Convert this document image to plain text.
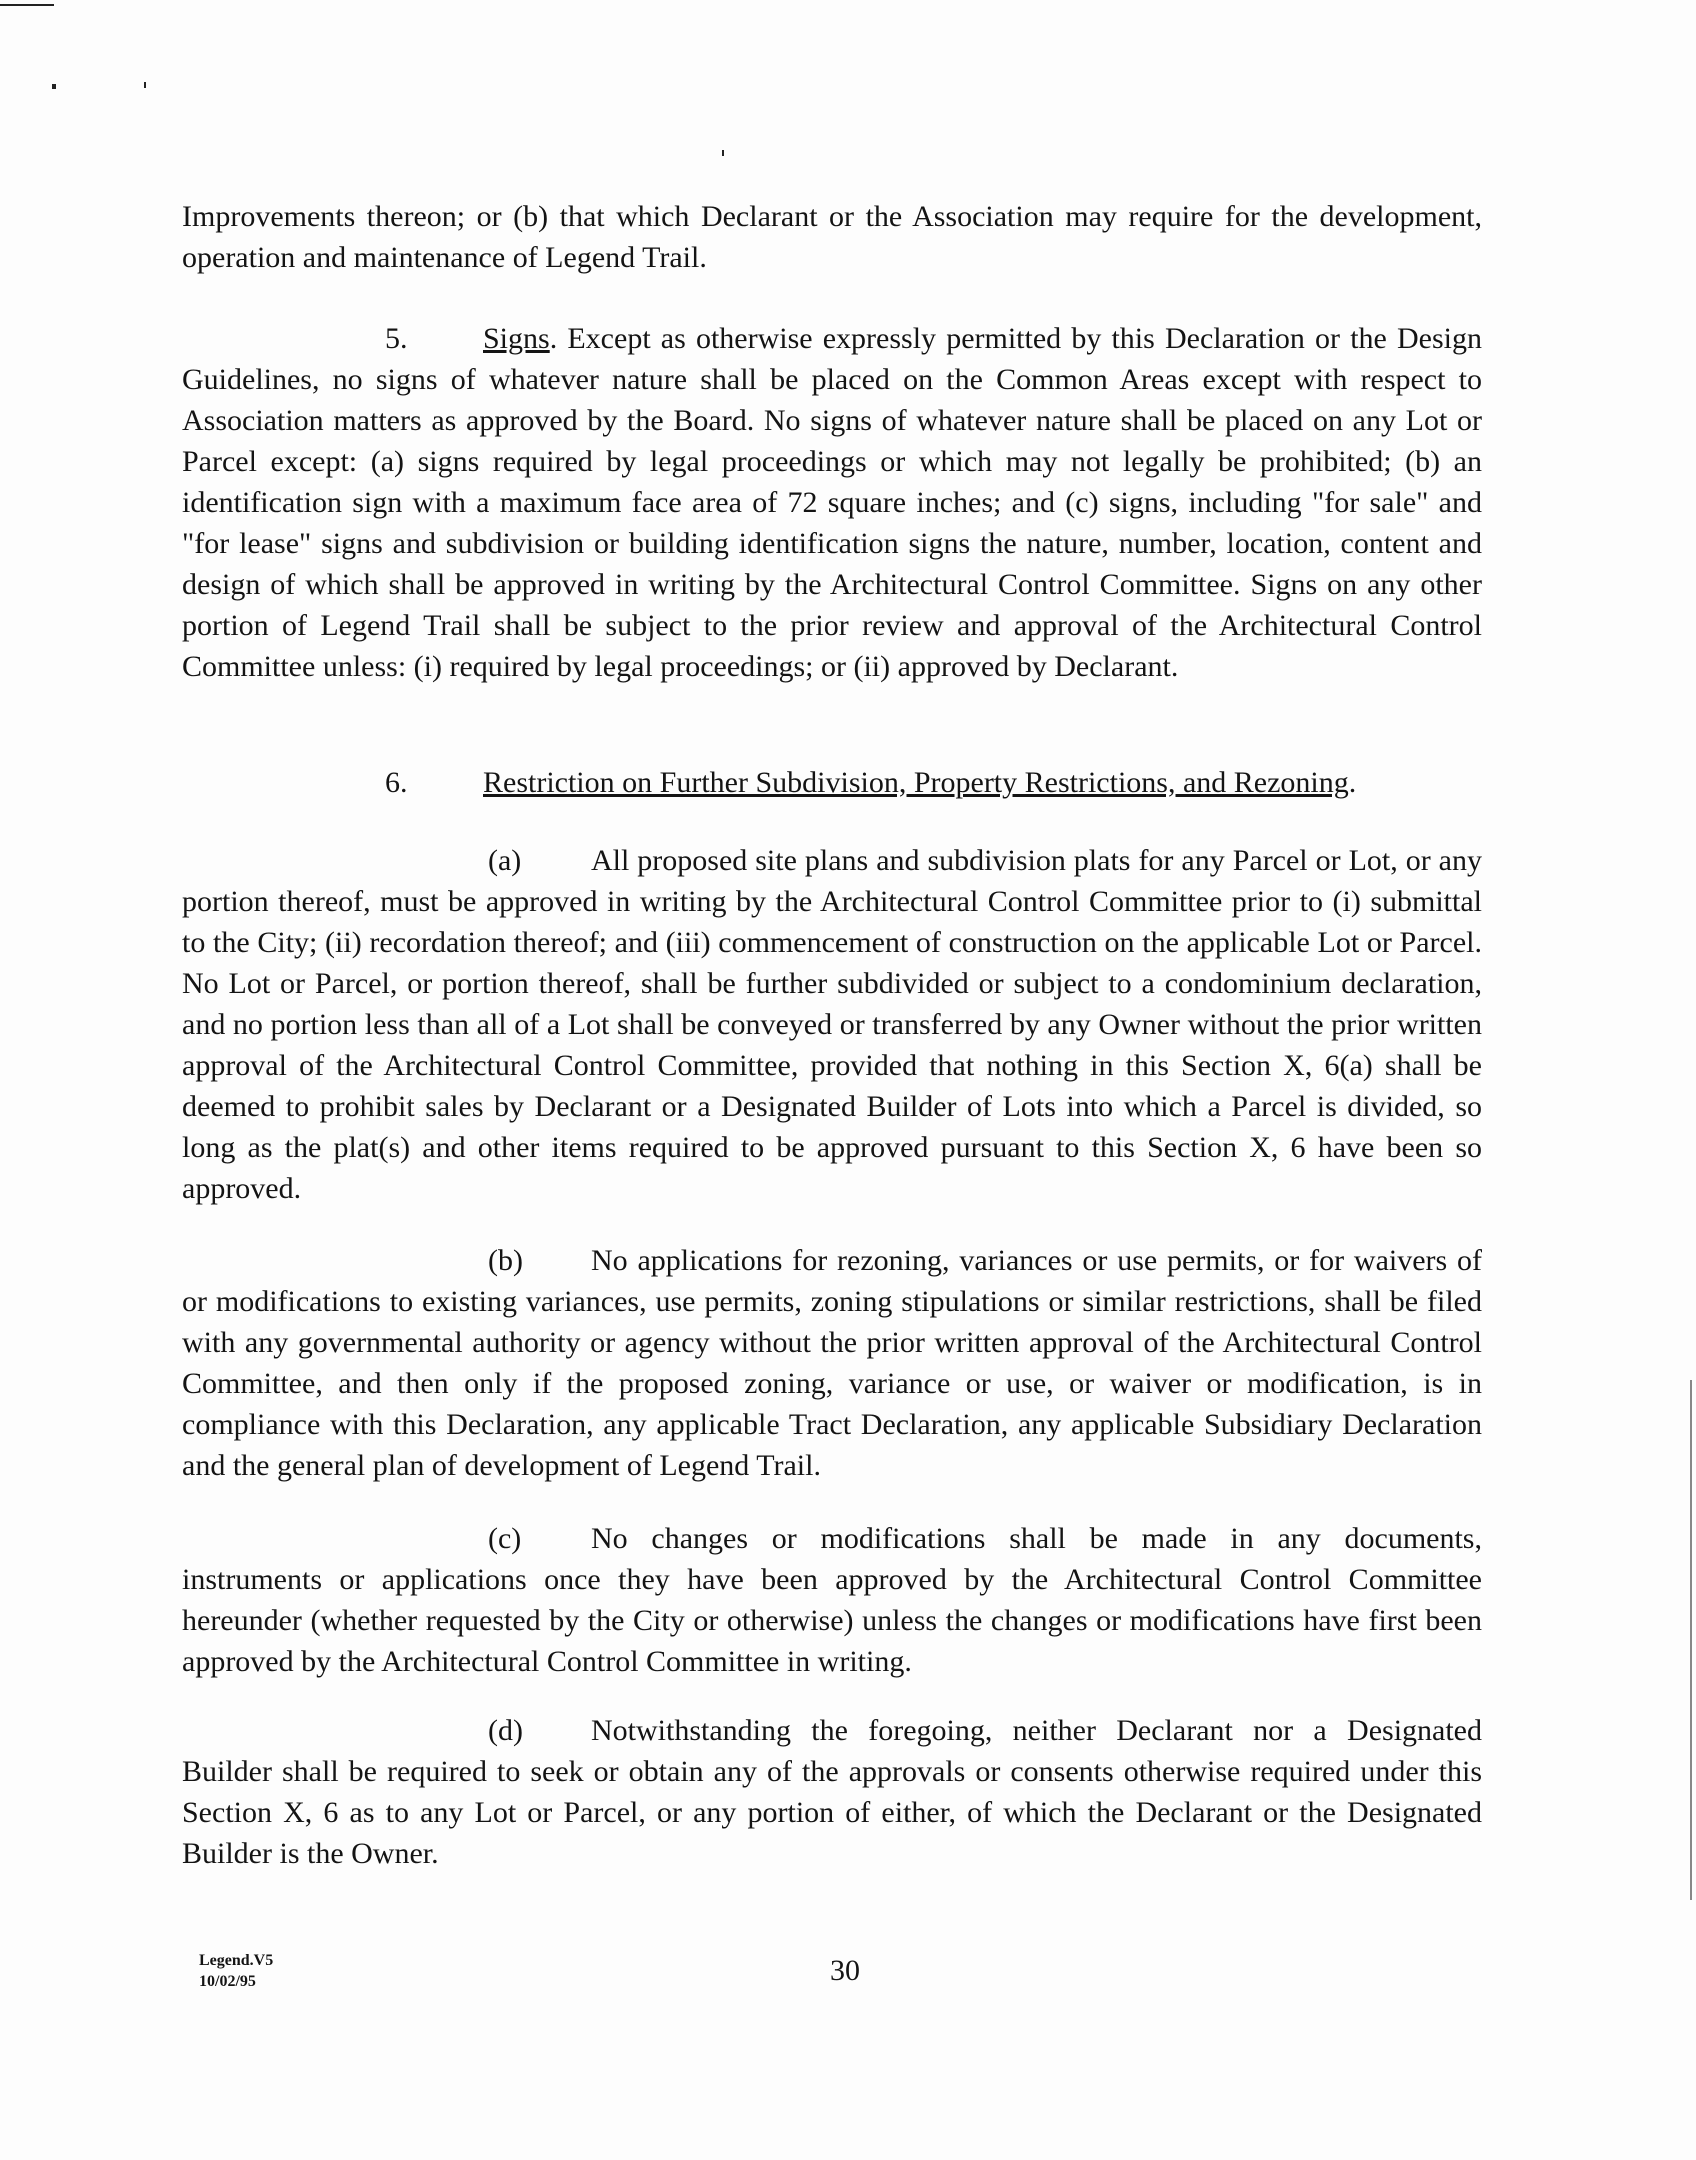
Improvements thereon; or (b) that which Declarant or the Association may require for the development, operation and maintenance of Legend Trail.

5.	Signs. Except as otherwise expressly permitted by this Declaration or the Design Guidelines, no signs of whatever nature shall be placed on the Common Areas except with respect to Association matters as approved by the Board. No signs of whatever nature shall be placed on any Lot or Parcel except: (a) signs required by legal proceedings or which may not legally be prohibited; (b) an identification sign with a maximum face area of 72 square inches; and (c) signs, including "for sale" and "for lease" signs and subdivision or building identification signs the nature, number, location, content and design of which shall be approved in writing by the Architectural Control Committee. Signs on any other portion of Legend Trail shall be subject to the prior review and approval of the Architectural Control Committee unless: (i) required by legal proceedings; or (ii) approved by Declarant.

6.	Restriction on Further Subdivision, Property Restrictions, and Rezoning.

(a) All proposed site plans and subdivision plats for any Parcel or Lot, or any portion thereof, must be approved in writing by the Architectural Control Committee prior to (i) submittal to the City; (ii) recordation thereof; and (iii) commencement of construction on the applicable Lot or Parcel. No Lot or Parcel, or portion thereof, shall be further subdivided or subject to a condominium declaration, and no portion less than all of a Lot shall be conveyed or transferred by any Owner without the prior written approval of the Architectural Control Committee, provided that nothing in this Section X, 6(a) shall be deemed to prohibit sales by Declarant or a Designated Builder of Lots into which a Parcel is divided, so long as the plat(s) and other items required to be approved pursuant to this Section X, 6 have been so approved.

(b) No applications for rezoning, variances or use permits, or for waivers of or modifications to existing variances, use permits, zoning stipulations or similar restrictions, shall be filed with any governmental authority or agency without the prior written approval of the Architectural Control Committee, and then only if the proposed zoning, variance or use, or waiver or modification, is in compliance with this Declaration, any applicable Tract Declaration, any applicable Subsidiary Declaration and the general plan of development of Legend Trail.

(c) No changes or modifications shall be made in any documents, instruments or applications once they have been approved by the Architectural Control Committee hereunder (whether requested by the City or otherwise) unless the changes or modifications have first been approved by the Architectural Control Committee in writing.

(d) Notwithstanding the foregoing, neither Declarant nor a Designated Builder shall be required to seek or obtain any of the approvals or consents otherwise required under this Section X, 6 as to any Lot or Parcel, or any portion of either, of which the Declarant or the Designated Builder is the Owner.

Legend.V5
10/02/95	30
